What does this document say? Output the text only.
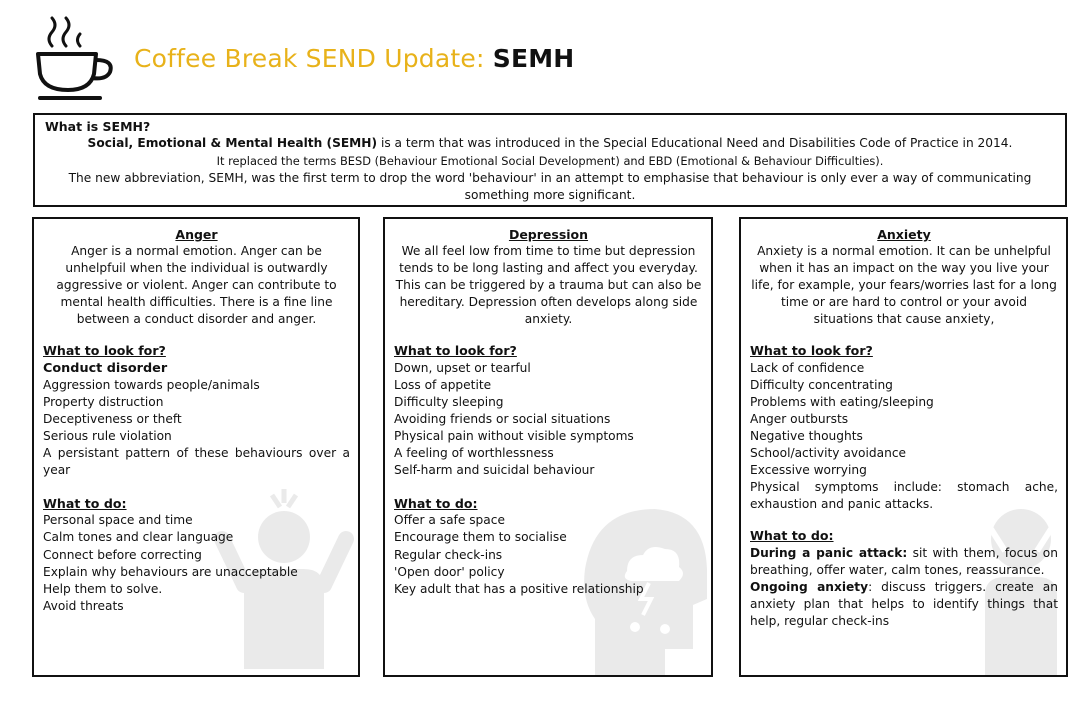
Coffee Break SEND Update: SEMH
What is SEMH?
Social, Emotional & Mental Health (SEMH) is a term that was introduced in the Special Educational Need and Disabilities Code of Practice in 2014.
It replaced the terms BESD (Behaviour Emotional Social Development) and EBD (Emotional & Behaviour Difficulties).
The new abbreviation, SEMH, was the first term to drop the word 'behaviour' in an attempt to emphasise that behaviour is only ever a way of communicating something more significant.
Anger

Anger is a normal emotion. Anger can be unhelpfuil when the individual is outwardly aggressive or violent. Anger can contribute to mental health difficulties. There is a fine line between a conduct disorder and anger.

What to look for?
Conduct disorder
Aggression towards people/animals
Property distruction
Deceptiveness or theft
Serious rule violation
A persistant pattern of these behaviours over a year
What to do:
Personal space and time
Calm tones and clear language
Connect before correcting
Explain why behaviours are unacceptable
Help them to solve.
Avoid threats
Depression

We all feel low from time to time but depression tends to be long lasting and affect you everyday. This can be triggered by a trauma but can also be hereditary. Depression often develops along side anxiety.

What to look for?
Down, upset or tearful
Loss of appetite
Difficulty sleeping
Avoiding friends or social situations
Physical pain without visible symptoms
A feeling of worthlessness
Self-harm and suicidal behaviour
What to do:
Offer a safe space
Encourage them to socialise
Regular check-ins
'Open door' policy
Key adult that has a positive relationship
Anxiety

Anxiety is a normal emotion. It can be unhelpful when it has an impact on the way you live your life, for example, your fears/worries last for a long time or are hard to control or your avoid situations that cause anxiety,

What to look for?
Lack of confidence
Difficulty concentrating
Problems with eating/sleeping
Anger outbursts
Negative thoughts
School/activity avoidance
Excessive worrying
Physical symptoms include: stomach ache, exhaustion and panic attacks.
What to do:
During a panic attack: sit with them, focus on breathing, offer water, calm tones, reassurance.
Ongoing anxiety: discuss triggers. create an anxiety plan that helps to identify things that help, regular check-ins
